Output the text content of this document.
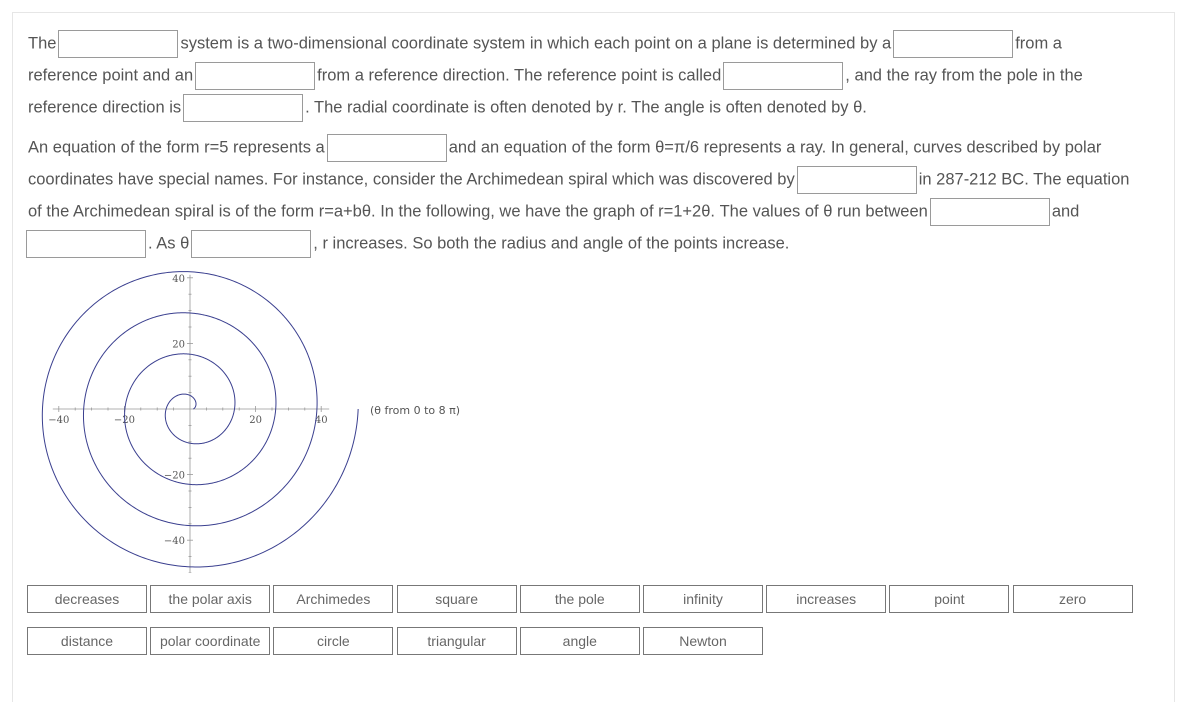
The	system is a two-dimensional coordinate system in which each point on a plane is determined by a	from a
reference point and an	from a reference direction. The reference point is called	, and the ray from the pole in the
reference direction is	. The radial coordinate is often denoted by r. The angle is often denoted by θ.
An equation of the form r=5 represents a	and an equation of the form θ=π/6 represents a ray. In general, curves described by polar
coordinates have special names. For instance, consider the Archimedean spiral which was discovered by	in 287-212 BC. The equation
of the Archimedean spiral is of the form r=a+bθ. In the following, we have the graph of r=1+2θ. The values of θ run between	and
. As θ	, r increases. So both the radius and angle of the points increase.
−40	−20	20	40
40
20
−20
−40
(θ from 0 to 8 π)
decreases	the polar axis	Archimedes	square	the pole	infinity	increases	point	zero
distance	polar coordinate	circle	triangular	angle	Newton
